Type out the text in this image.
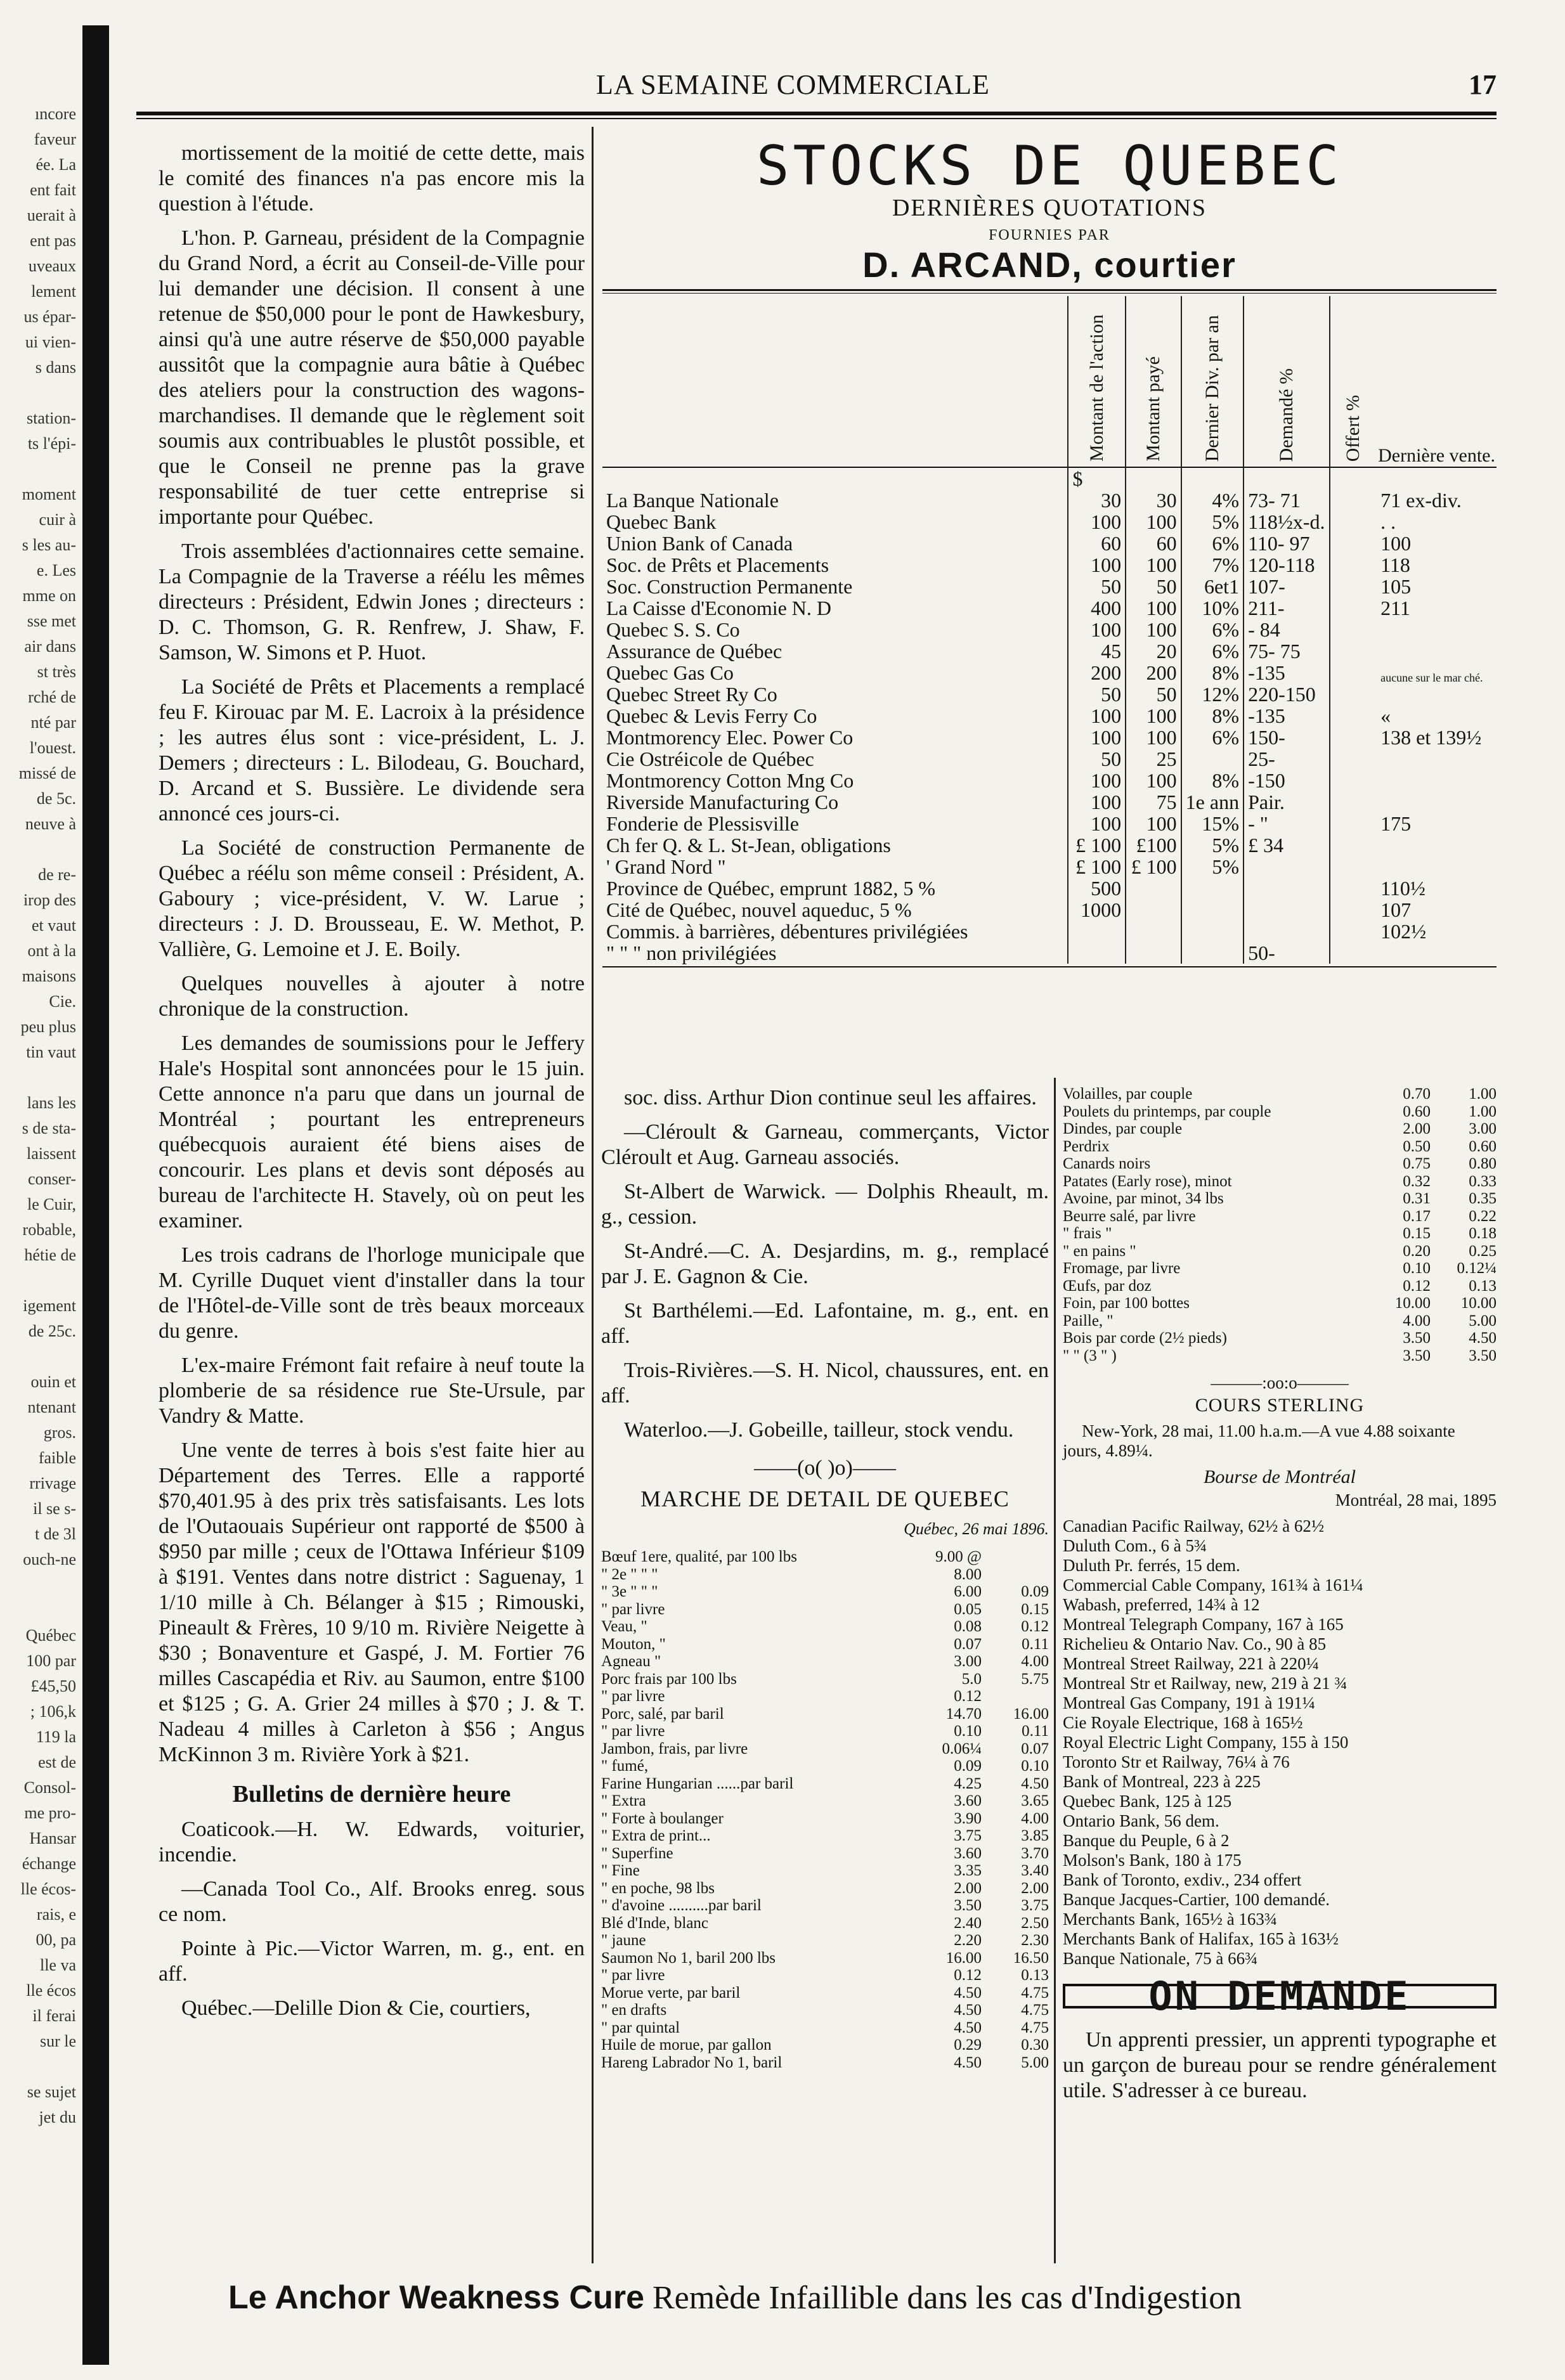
ıncore
faveur
ée. La
ent fait
uerait à
ent pas
uveaux
lement
us épar-
ui vien-
s dans
station-
ts l'épi-
moment
cuir à
s les au-
e. Les
mme on
sse met
air dans
st très
rché de
nté par
l'ouest.
missé de
de 5c.
neuve à
de re-
irop des
et vaut
ont à la
maisons
Cie.
peu plus
tin vaut
lans les
s de sta-
laissent
conser-
le Cuir,
robable,
hétie de
igement
de 25c.
ouin et
ntenant
gros.
faible
rrivage
il se s-
t de 3l
ouch-ne
Québec
100 par
£45,50
; 106,k
119 la
est de
Consol-
me pro-
Hansar
échange
lle écos-
rais, e
00, pa
lle va
lle écos
il ferai
sur le
se sujet
jet du
LA SEMAINE COMMERCIALE	17

mortissement de la moitié de cette dette, mais le comité des finances n'a pas encore mis la question à l'étude.

L'hon. P. Garneau, président de la Compagnie du Grand Nord, a écrit au Conseil-de-Ville pour lui demander une décision. Il consent à une retenue de $50,000 pour le pont de Hawkesbury, ainsi qu'à une autre réserve de $50,000 payable aussitôt que la compagnie aura bâtie à Québec des ateliers pour la construction des wagons-marchandises. Il demande que le règlement soit soumis aux contribuables le plustôt possible, et que le Conseil ne prenne pas la grave responsabilité de tuer cette entreprise si importante pour Québec.

Trois assemblées d'actionnaires cette semaine. La Compagnie de la Traverse a réélu les mêmes directeurs : Président, Edwin Jones ; directeurs : D. C. Thomson, G. R. Renfrew, J. Shaw, F. Samson, W. Simons et P. Huot.

La Société de Prêts et Placements a remplacé feu F. Kirouac par M. E. Lacroix à la présidence ; les autres élus sont : vice-président, L. J. Demers ; directeurs : L. Bilodeau, G. Bouchard, D. Arcand et S. Bussière. Le dividende sera annoncé ces jours-ci.

La Société de construction Permanente de Québec a réélu son même conseil : Président, A. Gaboury ; vice-président, V. W. Larue ; directeurs : J. D. Brousseau, E. W. Methot, P. Vallière, G. Lemoine et J. E. Boily.

Quelques nouvelles à ajouter à notre chronique de la construction.

Les demandes de soumissions pour le Jeffery Hale's Hospital sont annoncées pour le 15 juin. Cette annonce n'a paru que dans un journal de Montréal ; pourtant les entrepreneurs québecquois auraient été biens aises de concourir. Les plans et devis sont déposés au bureau de l'architecte H. Stavely, où on peut les examiner.

Les trois cadrans de l'horloge municipale que M. Cyrille Duquet vient d'installer dans la tour de l'Hôtel-de-Ville sont de très beaux morceaux du genre.

L'ex-maire Frémont fait refaire à neuf toute la plomberie de sa résidence rue Ste-Ursule, par Vandry & Matte.

Une vente de terres à bois s'est faite hier au Département des Terres. Elle a rapporté $70,401.95 à des prix très satisfaisants. Les lots de l'Outaouais Supérieur ont rapporté de $500 à $950 par mille ; ceux de l'Ottawa Inférieur $109 à $191. Ventes dans notre district : Saguenay, 1 1/10 mille à Ch. Bélanger à $15 ; Rimouski, Pineault & Frères, 10 9/10 m. Rivière Neigette à $30 ; Bonaventure et Gaspé, J. M. Fortier 76 milles Cascapédia et Riv. au Saumon, entre $100 et $125 ; G. A. Grier 24 milles à $70 ; J. & T. Nadeau 4 milles à Carleton à $56 ; Angus McKinnon 3 m. Rivière York à $21.

Bulletins de dernière heure

Coaticook.—H. W. Edwards, voiturier, incendie.

—Canada Tool Co., Alf. Brooks enreg. sous ce nom.

Pointe à Pic.—Victor Warren, m. g., ent. en aff.

Québec.—Delille Dion & Cie, courtiers,

STOCKS DE QUEBEC
DERNIÈRES QUOTATIONS
FOURNIES PAR
D. ARCAND, courtier
	Montant de l'action	Montant payé	Dernier Div. par an	Demandé %	Offert %	Dernière vente.
	$					
La Banque Nationale	30	30	4%	73- 71		71 ex-div.
Quebec Bank	100	100	5%	118½x-d.		. .
Union Bank of Canada	60	60	6%	110- 97		100
Soc. de Prêts et Placements	100	100	7%	120-118		118
Soc. Construction Permanente	50	50	6et1	107-		105
La Caisse d'Economie N. D	400	100	10%	211-		211
Quebec S. S. Co	100	100	6%	- 84		
Assurance de Québec	45	20	6%	75- 75		
Quebec Gas Co	200	200	8%	-135		aucune sur le mar ché.
Quebec Street Ry Co	50	50	12%	220-150		
Quebec & Levis Ferry Co	100	100	8%	-135		«
Montmorency Elec. Power Co	100	100	6%	150-		138 et 139½
Cie Ostréicole de Québec	50	25		25-		
Montmorency Cotton Mng Co	100	100	8%	-150		
Riverside Manufacturing Co	100	75	1e ann	Pair.		
Fonderie de Plessisville	100	100	15%	- "		175
Ch fer Q. & L. St-Jean, obligations	£ 100	£100	5%	£ 34		
' Grand Nord "	£ 100	£ 100	5%			
Province de Québec, emprunt 1882, 5 %	500					110½
Cité de Québec, nouvel aqueduc, 5 %	1000					107
Commis. à barrières, débentures privilégiées						102½
" " " non privilégiées				50-		

soc. diss. Arthur Dion continue seul les affaires.

—Cléroult & Garneau, commerçants, Victor Cléroult et Aug. Garneau associés.

St-Albert de Warwick. — Dolphis Rheault, m. g., cession.

St-André.—C. A. Desjardins, m. g., remplacé par J. E. Gagnon & Cie.

St Barthélemi.—Ed. Lafontaine, m. g., ent. en aff.

Trois-Rivières.—S. H. Nicol, chaussures, ent. en aff.

Waterloo.—J. Gobeille, tailleur, stock vendu.

——(o( )o)——
MARCHE DE DETAIL DE QUEBEC
Québec, 26 mai 1896.
Bœuf 1ere, qualité, par 100 lbs	9.00 @	
" 2e " " "	8.00	
" 3e " " "	6.00	0.09
" par livre	0.05	0.15
Veau, "	0.08	0.12
Mouton, "	0.07	0.11
Agneau "	3.00	4.00
Porc frais par 100 lbs	5.0	5.75
" par livre	0.12	
Porc, salé, par baril	14.70	16.00
" par livre	0.10	0.11
Jambon, frais, par livre	0.06¼	0.07
" fumé,	0.09	0.10
Farine Hungarian ......par baril	4.25	4.50
" Extra	3.60	3.65
" Forte à boulanger	3.90	4.00
" Extra de print...	3.75	3.85
" Superfine	3.60	3.70
" Fine	3.35	3.40
" en poche, 98 lbs	2.00	2.00
" d'avoine ..........par baril	3.50	3.75
Blé d'Inde, blanc	2.40	2.50
" jaune	2.20	2.30
Saumon No 1, baril 200 lbs	16.00	16.50
" par livre	0.12	0.13
Morue verte, par baril	4.50	4.75
" en drafts	4.50	4.75
" par quintal	4.50	4.75
Huile de morue, par gallon	0.29	0.30
Hareng Labrador No 1, baril	4.50	5.00
Volailles, par couple	0.70	1.00
Poulets du printemps, par couple	0.60	1.00
Dindes, par couple	2.00	3.00
Perdrix	0.50	0.60
Canards noirs	0.75	0.80
Patates (Early rose), minot	0.32	0.33
Avoine, par minot, 34 lbs	0.31	0.35
Beurre salé, par livre	0.17	0.22
" frais "	0.15	0.18
" en pains "	0.20	0.25
Fromage, par livre	0.10	0.12¼
Œufs, par doz	0.12	0.13
Foin, par 100 bottes	10.00	10.00
Paille, "	4.00	5.00
Bois par corde (2½ pieds)	3.50	4.50
" " (3 " )	3.50	3.50
———:oo:o———
COURS STERLING
New-York, 28 mai, 11.00 h.a.m.—A vue 4.88 soixante jours, 4.89¼.
Bourse de Montréal
Montréal, 28 mai, 1895
Canadian Pacific Railway, 62½ à 62½
Duluth Com., 6 à 5¾
Duluth Pr. ferrés, 15 dem.
Commercial Cable Company, 161¾ à 161¼
Wabash, preferred, 14¾ à 12
Montreal Telegraph Company, 167 à 165
Richelieu & Ontario Nav. Co., 90 à 85
Montreal Street Railway, 221 à 220¼
Montreal Str et Railway, new, 219 à 21 ¾
Montreal Gas Company, 191 à 191¼
Cie Royale Electrique, 168 à 165½
Royal Electric Light Company, 155 à 150
Toronto Str et Railway, 76¼ à 76
Bank of Montreal, 223 à 225
Quebec Bank, 125 à 125
Ontario Bank, 56 dem.
Banque du Peuple, 6 à 2
Molson's Bank, 180 à 175
Bank of Toronto, exdiv., 234 offert
Banque Jacques-Cartier, 100 demandé.
Merchants Bank, 165½ à 163¾
Merchants Bank of Halifax, 165 à 163½
Banque Nationale, 75 à 66¾
ON DEMANDE
Un apprenti pressier, un apprenti typographe et un garçon de bureau pour se rendre généralement utile. S'adresser à ce bureau.
Le Anchor Weakness Cure Remède Infaillible dans les cas d'Indigestion
